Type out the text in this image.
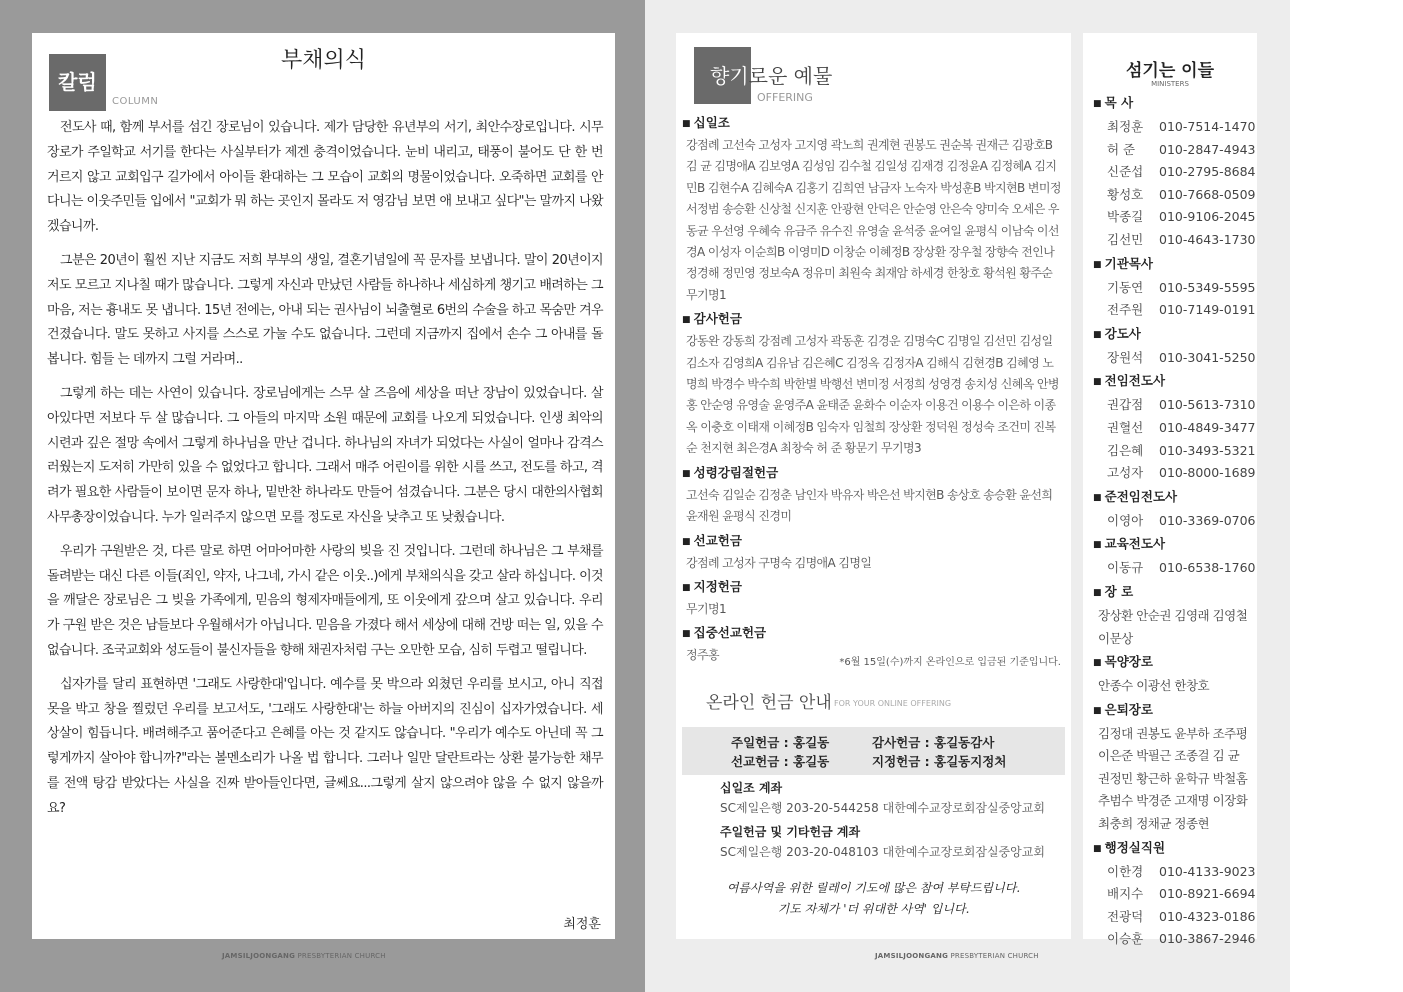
칼럼
COLUMN
부채의식

전도사 때, 함께 부서를 섬긴 장로님이 있습니다. 제가 담당한 유년부의 서기, 최안수장로입니다. 시무장로가 주일학교 서기를 한다는 사실부터가 제겐 충격이었습니다. 눈비 내리고, 태풍이 불어도 단 한 번 거르지 않고 교회입구 길가에서 아이들 환대하는 그 모습이 교회의 명물이었습니다. 오죽하면 교회를 안 다니는 이웃주민들 입에서 "교회가 뭐 하는 곳인지 몰라도 저 영감님 보면 애 보내고 싶다"는 말까지 나왔겠습니까.

그분은 20년이 훨씬 지난 지금도 저희 부부의 생일, 결혼기념일에 꼭 문자를 보냅니다. 말이 20년이지 저도 모르고 지나칠 때가 많습니다. 그렇게 자신과 만났던 사람들 하나하나 세심하게 챙기고 배려하는 그 마음, 저는 흉내도 못 냅니다. 15년 전에는, 아내 되는 권사님이 뇌출혈로 6번의 수술을 하고 목숨만 겨우 건졌습니다. 말도 못하고 사지를 스스로 가눌 수도 없습니다. 그런데 지금까지 집에서 손수 그 아내를 돌봅니다. 힘들 는 데까지 그럴 거라며..

그렇게 하는 데는 사연이 있습니다. 장로님에게는 스무 살 즈음에 세상을 떠난 장남이 있었습니다. 살아있다면 저보다 두 살 많습니다. 그 아들의 마지막 소원 때문에 교회를 나오게 되었습니다. 인생 최악의 시련과 깊은 절망 속에서 그렇게 하나님을 만난 겁니다. 하나님의 자녀가 되었다는 사실이 얼마나 감격스러웠는지 도저히 가만히 있을 수 없었다고 합니다. 그래서 매주 어린이를 위한 시를 쓰고, 전도를 하고, 격려가 필요한 사람들이 보이면 문자 하나, 밑반찬 하나라도 만들어 섬겼습니다. 그분은 당시 대한의사협회 사무총장이었습니다. 누가 일러주지 않으면 모를 정도로 자신을 낮추고 또 낮췄습니다.

우리가 구원받은 것, 다른 말로 하면 어마어마한 사랑의 빚을 진 것입니다. 그런데 하나님은 그 부채를 돌려받는 대신 다른 이들(죄인, 약자, 나그네, 가시 같은 이웃..)에게 부채의식을 갖고 살라 하십니다. 이것을 깨달은 장로님은 그 빚을 가족에게, 믿음의 형제자매들에게, 또 이웃에게 갚으며 살고 있습니다. 우리가 구원 받은 것은 남들보다 우월해서가 아닙니다. 믿음을 가졌다 해서 세상에 대해 건방 떠는 일, 있을 수 없습니다. 조국교회와 성도들이 불신자들을 향해 채권자처럼 구는 오만한 모습, 심히 두렵고 떨립니다.

십자가를 달리 표현하면 '그래도 사랑한대'입니다. 예수를 못 박으라 외쳤던 우리를 보시고, 아니 직접 못을 박고 창을 찔렀던 우리를 보고서도, '그래도 사랑한대'는 하늘 아버지의 진심이 십자가였습니다. 세상살이 힘듭니다. 배려해주고 품어준다고 은혜를 아는 것 같지도 않습니다. "우리가 예수도 아닌데 꼭 그렇게까지 살아야 합니까?"라는 볼멘소리가 나올 법 합니다. 그러나 일만 달란트라는 상환 불가능한 채무를 전액 탕감 받았다는 사실을 진짜 받아들인다면, 글쎄요...그렇게 살지 않으려야 않을 수 없지 않을까요?

최정훈
JAMSILJOONGANG PRESBYTERIAN CHURCH
향기로운 예물
OFFERING
■ 십일조
강점례 고선숙 고성자 고지영 곽노희 권계현 권봉도 권순복 권재근 김광호B 김 균 김명애A 김보영A 김성임 김수철 김일성 김재경 김정윤A 김정혜A 김지민B 김현수A 김혜숙A 김홍기 김희연 남금자 노숙자 박성훈B 박지현B 변미정 서정범 송승환 신상철 신지훈 안광현 안덕은 안순영 안은숙 양미숙 오세은 우동균 우선영 우혜숙 유금주 유수진 유영술 윤석중 윤여일 윤평식 이남숙 이선경A 이성자 이순희B 이영미D 이창순 이혜정B 장상환 장우철 장향숙 전인나 정경해 정민영 정보숙A 정유미 최원숙 최재암 하세경 한창호 황석원 황주순 무기명1
■ 감사헌금
강동완 강동희 강점례 고성자 곽동훈 김경운 김명숙C 김명일 김선민 김성일 김소자 김영희A 김유남 김은혜C 김정옥 김정자A 김해식 김현경B 김혜영 노명희 박경수 박수희 박한별 박행선 변미정 서정희 성영경 송치성 신혜옥 안병홍 안순영 유영술 윤영주A 윤태준 윤화수 이순자 이용건 이용수 이은하 이종옥 이충호 이태재 이혜정B 임숙자 임철희 장상환 정덕원 정성숙 조건미 진복순 천지현 최은경A 최창숙 허 준 황문기 무기명3
■ 성령강림절헌금
고선숙 김일순 김정춘 남인자 박유자 박은선 박지현B 송상호 송승환 윤선희 윤재원 윤평식 진경미
■ 선교헌금
강점례 고성자 구명숙 김명애A 김명일
■ 지정헌금
무기명1
■ 집중선교헌금
정주홍
*6월 15일(수)까지 온라인으로 입금된 기준입니다.
온라인 헌금 안내 FOR YOUR ONLINE OFFERING
주일헌금 : 홍길동	감사헌금 : 홍길동감사
선교헌금 : 홍길동	지정헌금 : 홍길동지정처
십일조 계좌
SC제일은행 203-20-544258 대한예수교장로회잠실중앙교회
주일헌금 및 기타헌금 계좌
SC제일은행 203-20-048103 대한예수교장로회잠실중앙교회
여름사역을 위한 릴레이 기도에 많은 참여 부탁드립니다.
기도 자체가 '더 위대한 사역' 입니다.
섬기는 이들
MINISTERS
■ 목 사
최정훈 010-7514-1470
허 준 010-2847-4943
신준섭 010-2795-8684
황성호 010-7668-0509
박종길 010-9106-2045
김선민 010-4643-1730
■ 기관목사
기동연 010-5349-5595
전주원 010-7149-0191
■ 강도사
장원석 010-3041-5250
■ 전임전도사
권갑점 010-5613-7310
권혈선 010-4849-3477
김은혜 010-3493-5321
고성자 010-8000-1689
■ 준전임전도사
이영아 010-3369-0706
■ 교육전도사
이동규 010-6538-1760
■ 장 로
장상환 안순권 김영래 김영철
이문상
■ 목양장로
안종수 이광선 한창호
■ 은퇴장로
김정대 권봉도 윤부하 조주평
이은준 박필근 조종걸 김 균
권정민 황근하 윤학규 박철홈
추범수 박경준 고재명 이장화
최충희 정채균 정종현
■ 행정실직원
이한경 010-4133-9023
배지수 010-8921-6694
전광덕 010-4323-0186
이승훈 010-3867-2946
JAMSILJOONGANG PRESBYTERIAN CHURCH
